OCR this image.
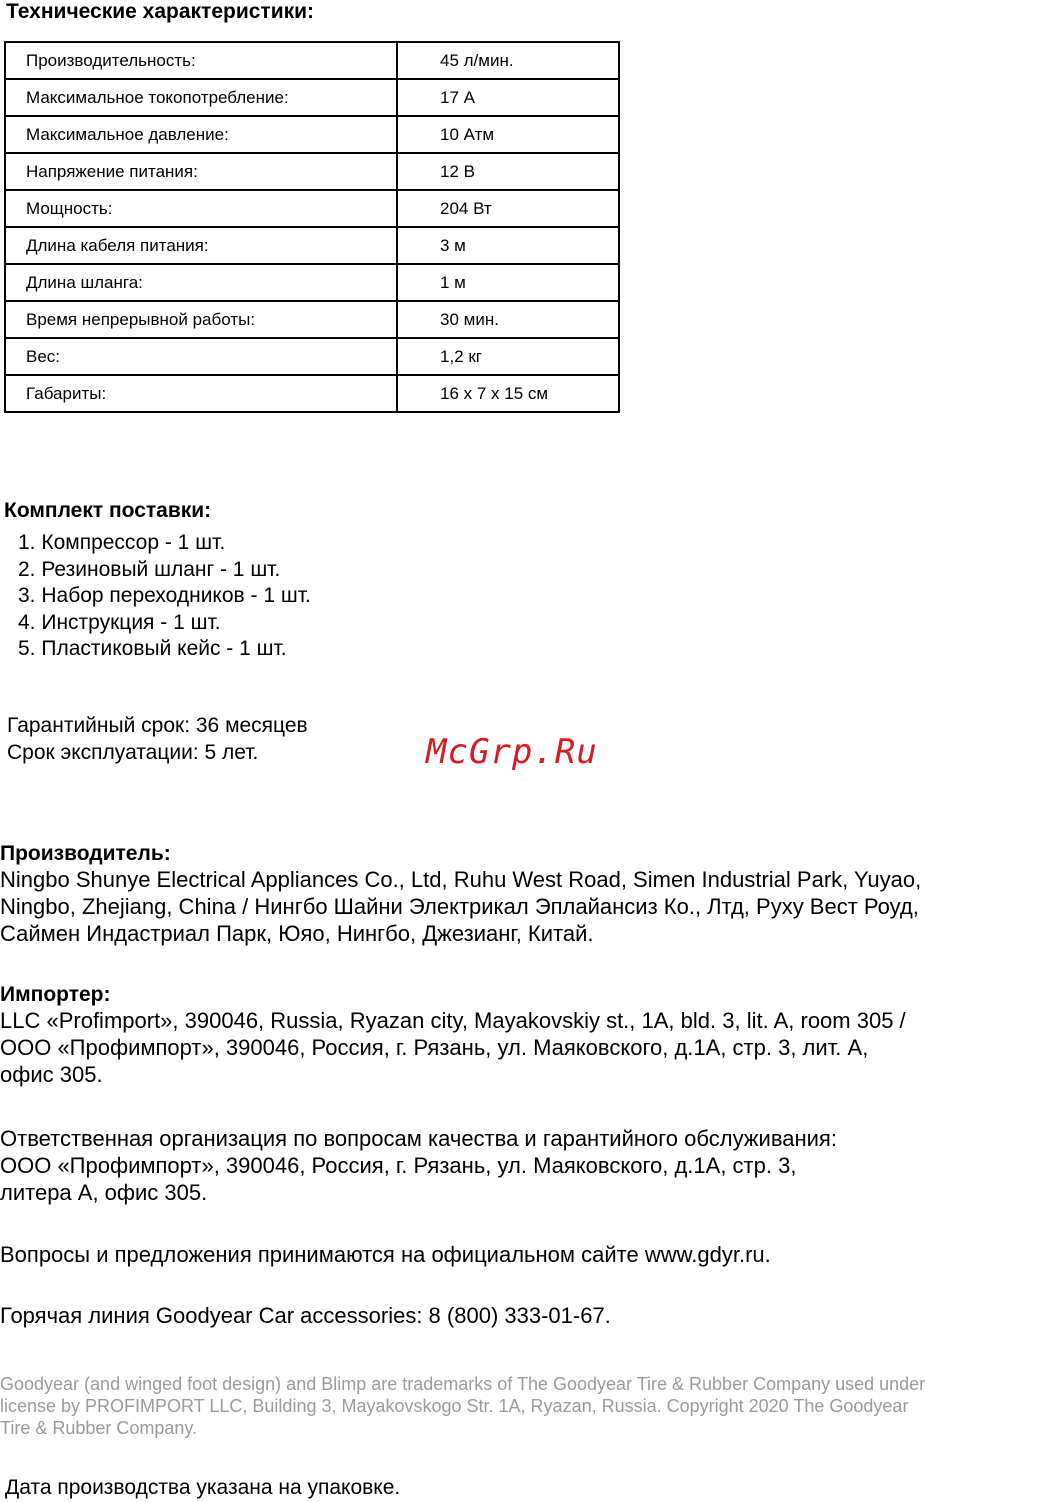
Технические характеристики:
Производительность:	45 л/мин.
Максимальное токопотребление:	17 А
Максимальное давление:	10 Атм
Напряжение питания:	12 В
Мощность:	204 Вт
Длина кабеля питания:	3 м
Длина шланга:	1 м
Время непрерывной работы:	30 мин.
Вес:	1,2 кг
Габариты:	16 х 7 х 15 см
Комплект поставки:
1. Компрессор - 1 шт.
2. Резиновый шланг - 1 шт.
3. Набор переходников - 1 шт.
4. Инструкция - 1 шт.
5. Пластиковый кейс - 1 шт.
Гарантийный срок: 36 месяцев
Срок эксплуатации: 5 лет.	McGrp.Ru
Производитель:
Ningbo Shunye Electrical Appliances Co., Ltd, Ruhu West Road, Simen Industrial Park, Yuyao,
Ningbo, Zhejiang, China / Нингбо Шайни Электрикал Эплайансиз Ко., Лтд, Руху Вест Роуд,
Саймен Индастриал Парк, Юяо, Нингбо, Джезианг, Китай.
Импортер:
LLC «Profimport», 390046, Russia, Ryazan city, Mayakovskiy st., 1A, bld. 3, lit. A, room 305 /
ООО «Профимпорт», 390046, Россия, г. Рязань, ул. Маяковского, д.1А, стр. 3, лит. А,
офис 305.
Ответственная организация по вопросам качества и гарантийного обслуживания:
ООО «Профимпорт», 390046, Россия, г. Рязань, ул. Маяковского, д.1А, стр. 3,
литера А, офис 305.
Вопросы и предложения принимаются на официальном сайте www.gdyr.ru.
Горячая линия Goodyear Car accessories: 8 (800) 333-01-67.
Goodyear (and winged foot design) and Blimp are trademarks of The Goodyear Tire & Rubber Company used under
license by PROFIMPORT LLC, Building 3, Mayakovskogo Str. 1A, Ryazan, Russia. Copyright 2020 The Goodyear
Tire & Rubber Company.
Дата производства указана на упаковке.
